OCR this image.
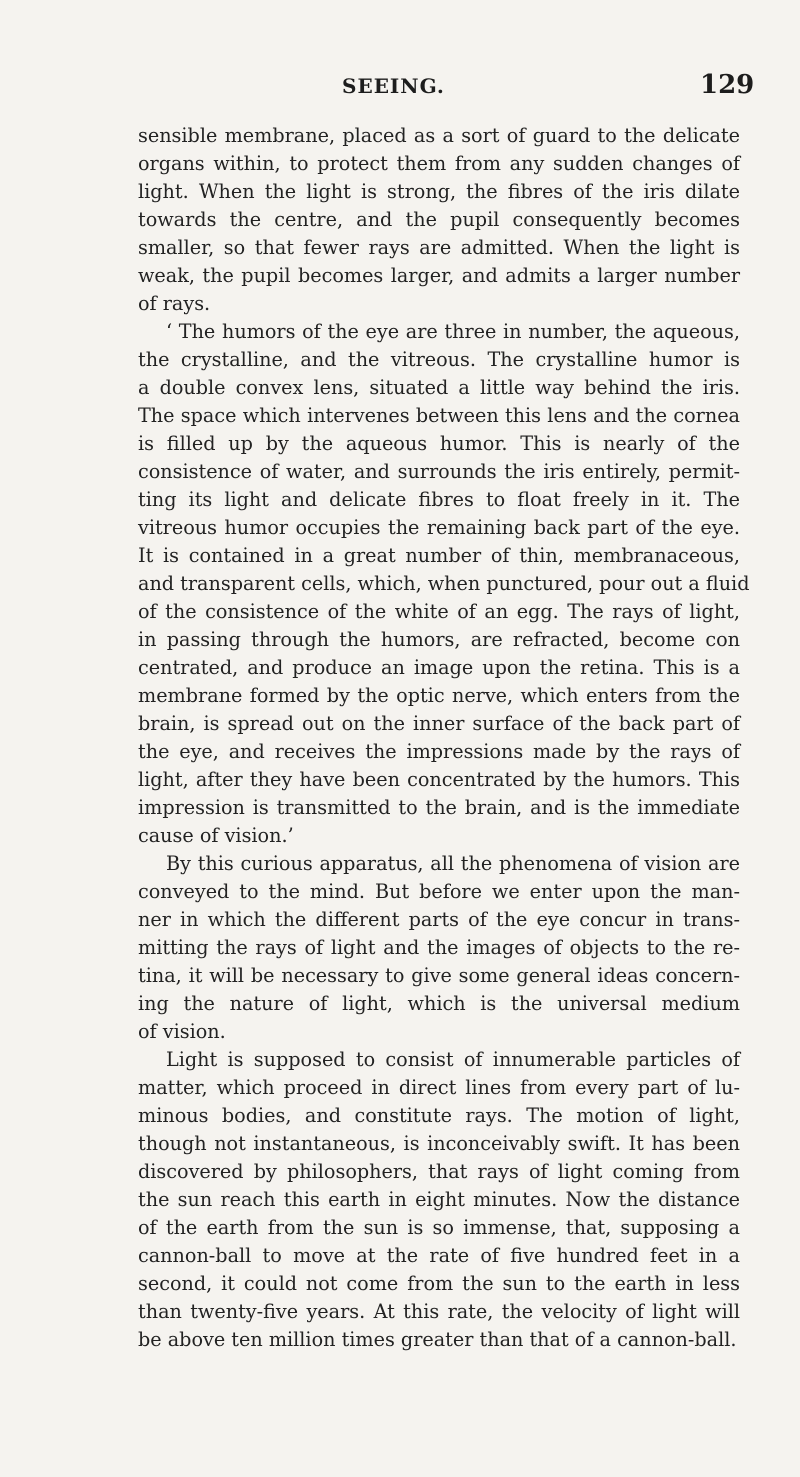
SEEING.	129
sensible membrane, placed as a sort of guard to the delicate
organs within, to protect them from any sudden changes of
light. When the light is strong, the fibres of the iris dilate
towards the centre, and the pupil consequently becomes
smaller, so that fewer rays are admitted. When the light is
weak, the pupil becomes larger, and admits a larger number
of rays.
‘ The humors of the eye are three in number, the aqueous,
the crystalline, and the vitreous. The crystalline humor is
a double convex lens, situated a little way behind the iris.
The space which intervenes between this lens and the cornea
is filled up by the aqueous humor. This is nearly of the
consistence of water, and surrounds the iris entirely, permit-
ting its light and delicate fibres to float freely in it. The
vitreous humor occupies the remaining back part of the eye.
It is contained in a great number of thin, membranaceous,
and transparent cells, which, when punctured, pour out a fluid
of the consistence of the white of an egg. The rays of light,
in passing through the humors, are refracted, become con
centrated, and produce an image upon the retina. This is a
membrane formed by the optic nerve, which enters from the
brain, is spread out on the inner surface of the back part of
the eye, and receives the impressions made by the rays of
light, after they have been concentrated by the humors. This
impression is transmitted to the brain, and is the immediate
cause of vision.’
By this curious apparatus, all the phenomena of vision are
conveyed to the mind. But before we enter upon the man-
ner in which the different parts of the eye concur in trans-
mitting the rays of light and the images of objects to the re-
tina, it will be necessary to give some general ideas concern-
ing the nature of light, which is the universal medium
of vision.
Light is supposed to consist of innumerable particles of
matter, which proceed in direct lines from every part of lu-
minous bodies, and constitute rays. The motion of light,
though not instantaneous, is inconceivably swift. It has been
discovered by philosophers, that rays of light coming from
the sun reach this earth in eight minutes. Now the distance
of the earth from the sun is so immense, that, supposing a
cannon-ball to move at the rate of five hundred feet in a
second, it could not come from the sun to the earth in less
than twenty-five years. At this rate, the velocity of light will
be above ten million times greater than that of a cannon-ball.
